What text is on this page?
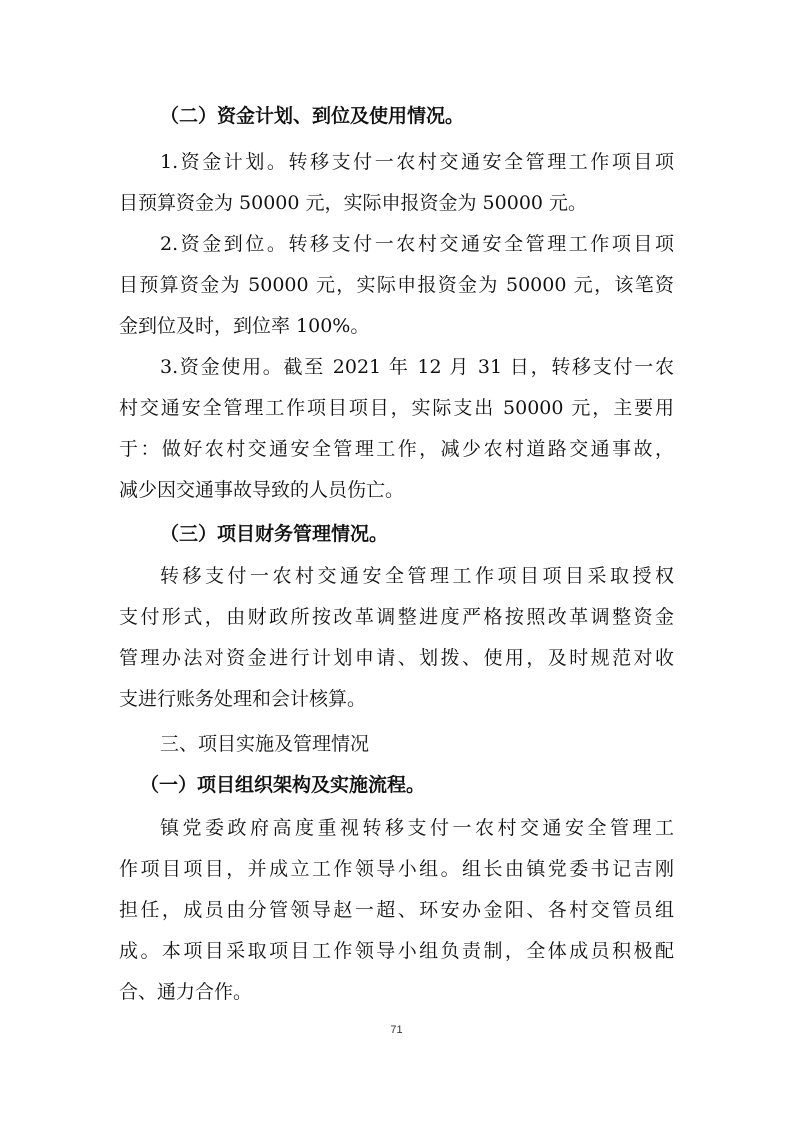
（二）资金计划、到位及使用情况。
1.资金计划。转移支付一农村交通安全管理工作项目项
目预算资金为 50000 元，实际申报资金为 50000 元。
2.资金到位。转移支付一农村交通安全管理工作项目项
目预算资金为 50000 元，实际申报资金为 50000 元，该笔资
金到位及时，到位率 100%。
3.资金使用。截至 2021 年 12 月 31 日，转移支付一农
村交通安全管理工作项目项目，实际支出 50000 元，主要用
于：做好农村交通安全管理工作，减少农村道路交通事故，
减少因交通事故导致的人员伤亡。
（三）项目财务管理情况。
转移支付一农村交通安全管理工作项目项目采取授权
支付形式，由财政所按改革调整进度严格按照改革调整资金
管理办法对资金进行计划申请、划拨、使用，及时规范对收
支进行账务处理和会计核算。
三、项目实施及管理情况
（一）项目组织架构及实施流程。
镇党委政府高度重视转移支付一农村交通安全管理工
作项目项目，并成立工作领导小组。组长由镇党委书记吉刚
担任，成员由分管领导赵一超、环安办金阳、各村交管员组
成。本项目采取项目工作领导小组负责制，全体成员积极配
合、通力合作。
71
